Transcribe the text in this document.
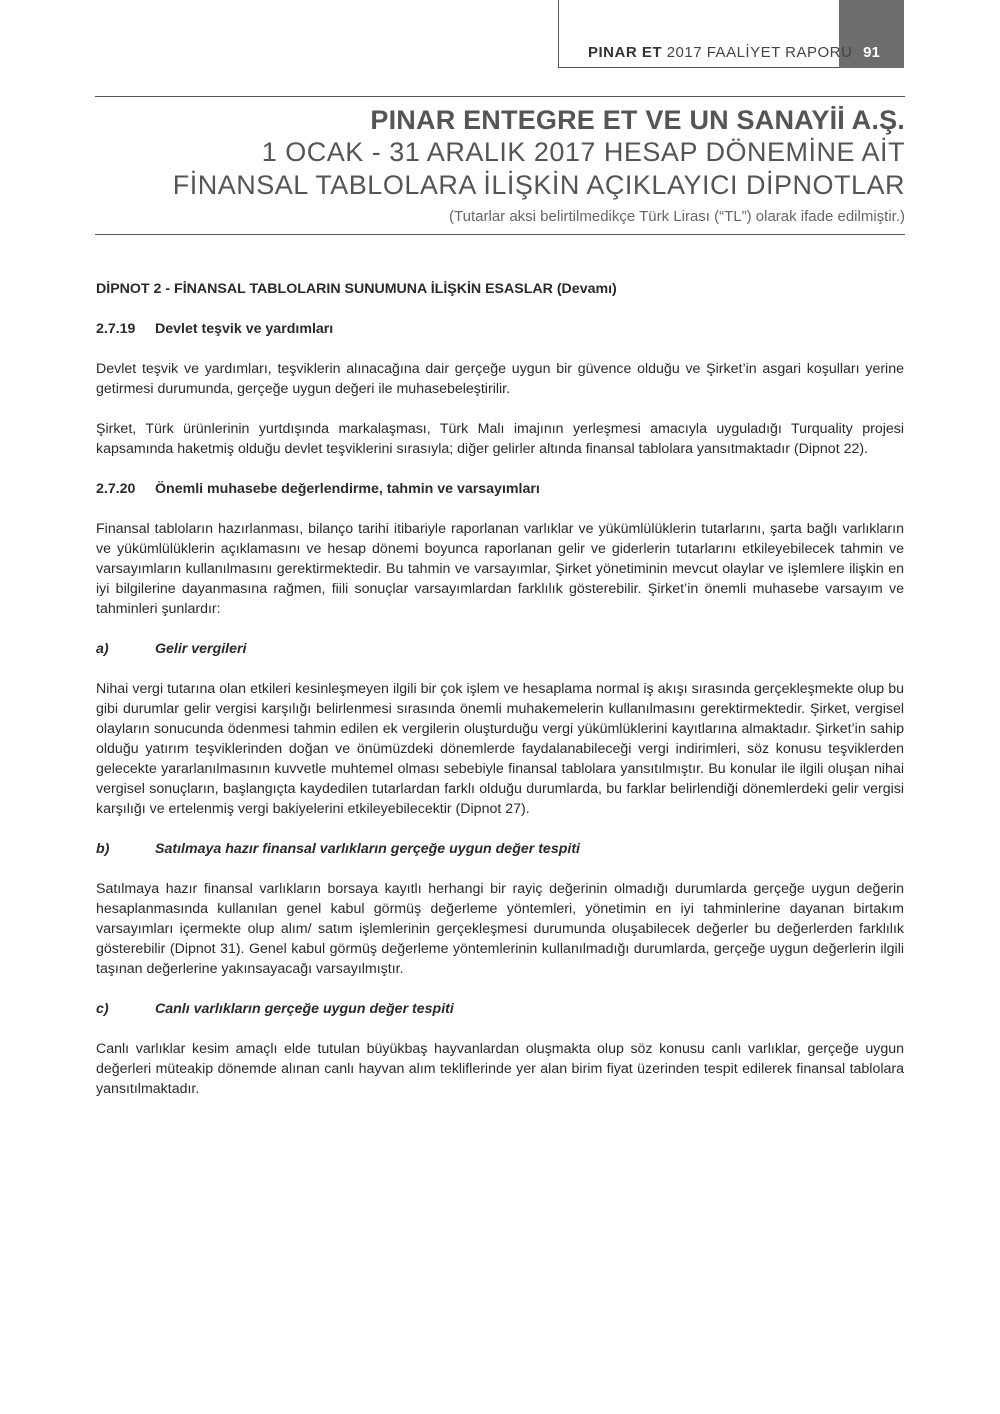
PINAR ET 2017 FAALİYET RAPORU 91
PINAR ENTEGRE ET VE UN SANAYİİ A.Ş.
1 OCAK - 31 ARALIK 2017 HESAP DÖNEMİNE AİT
FİNANSAL TABLOLARA İLİŞKİN AÇIKLAYICI DİPNOTLAR
(Tutarlar aksi belirtilmedikçe Türk Lirası (“TL”) olarak ifade edilmiştir.)

DİPNOT 2 - FİNANSAL TABLOLARIN SUNUMUNA İLİŞKİN ESASLAR (Devamı)

2.7.19	Devlet teşvik ve yardımları

Devlet teşvik ve yardımları, teşviklerin alınacağına dair gerçeğe uygun bir güvence olduğu ve Şirket’in asgari koşulları yerine getirmesi durumunda, gerçeğe uygun değeri ile muhasebeleştirilir.

Şirket, Türk ürünlerinin yurtdışında markalaşması, Türk Malı imajının yerleşmesi amacıyla uyguladığı Turquality projesi kapsamında haketmiş olduğu devlet teşviklerini sırasıyla; diğer gelirler altında finansal tablolara yansıtmaktadır (Dipnot 22).

2.7.20	Önemli muhasebe değerlendirme, tahmin ve varsayımları

Finansal tabloların hazırlanması, bilanço tarihi itibariyle raporlanan varlıklar ve yükümlülüklerin tutarlarını, şarta bağlı varlıkların ve yükümlülüklerin açıklamasını ve hesap dönemi boyunca raporlanan gelir ve giderlerin tutarlarını etkileyebilecek tahmin ve varsayımların kullanılmasını gerektirmektedir. Bu tahmin ve varsayımlar, Şirket yönetiminin mevcut olaylar ve işlemlere ilişkin en iyi bilgilerine dayanmasına rağmen, fiili sonuçlar varsayımlardan farklılık gösterebilir. Şirket’in önemli muhasebe varsayım ve tahminleri şunlardır:

a)	Gelir vergileri

Nihai vergi tutarına olan etkileri kesinleşmeyen ilgili bir çok işlem ve hesaplama normal iş akışı sırasında gerçekleşmekte olup bu gibi durumlar gelir vergisi karşılığı belirlenmesi sırasında önemli muhakemelerin kullanılmasını gerektirmektedir. Şirket, vergisel olayların sonucunda ödenmesi tahmin edilen ek vergilerin oluşturduğu vergi yükümlüklerini kayıtlarına almaktadır. Şirket’in sahip olduğu yatırım teşviklerinden doğan ve önümüzdeki dönemlerde faydalanabileceği vergi indirimleri, söz konusu teşviklerden gelecekte yararlanılmasının kuvvetle muhtemel olması sebebiyle finansal tablolara yansıtılmıştır. Bu konular ile ilgili oluşan nihai vergisel sonuçların, başlangıçta kaydedilen tutarlardan farklı olduğu durumlarda, bu farklar belirlendiği dönemlerdeki gelir vergisi karşılığı ve ertelenmiş vergi bakiyelerini etkileyebilecektir (Dipnot 27).

b)	Satılmaya hazır finansal varlıkların gerçeğe uygun değer tespiti

Satılmaya hazır finansal varlıkların borsaya kayıtlı herhangi bir rayiç değerinin olmadığı durumlarda gerçeğe uygun değerin hesaplanmasında kullanılan genel kabul görmüş değerleme yöntemleri, yönetimin en iyi tahminlerine dayanan birtakım varsayımları içermekte olup alım/ satım işlemlerinin gerçekleşmesi durumunda oluşabilecek değerler bu değerlerden farklılık gösterebilir (Dipnot 31). Genel kabul görmüş değerleme yöntemlerinin kullanılmadığı durumlarda, gerçeğe uygun değerlerin ilgili taşınan değerlerine yakınsayacağı varsayılmıştır.

c)	Canlı varlıkların gerçeğe uygun değer tespiti

Canlı varlıklar kesim amaçlı elde tutulan büyükbaş hayvanlardan oluşmakta olup söz konusu canlı varlıklar, gerçeğe uygun değerleri müteakip dönemde alınan canlı hayvan alım tekliflerinde yer alan birim fiyat üzerinden tespit edilerek finansal tablolara yansıtılmaktadır.
